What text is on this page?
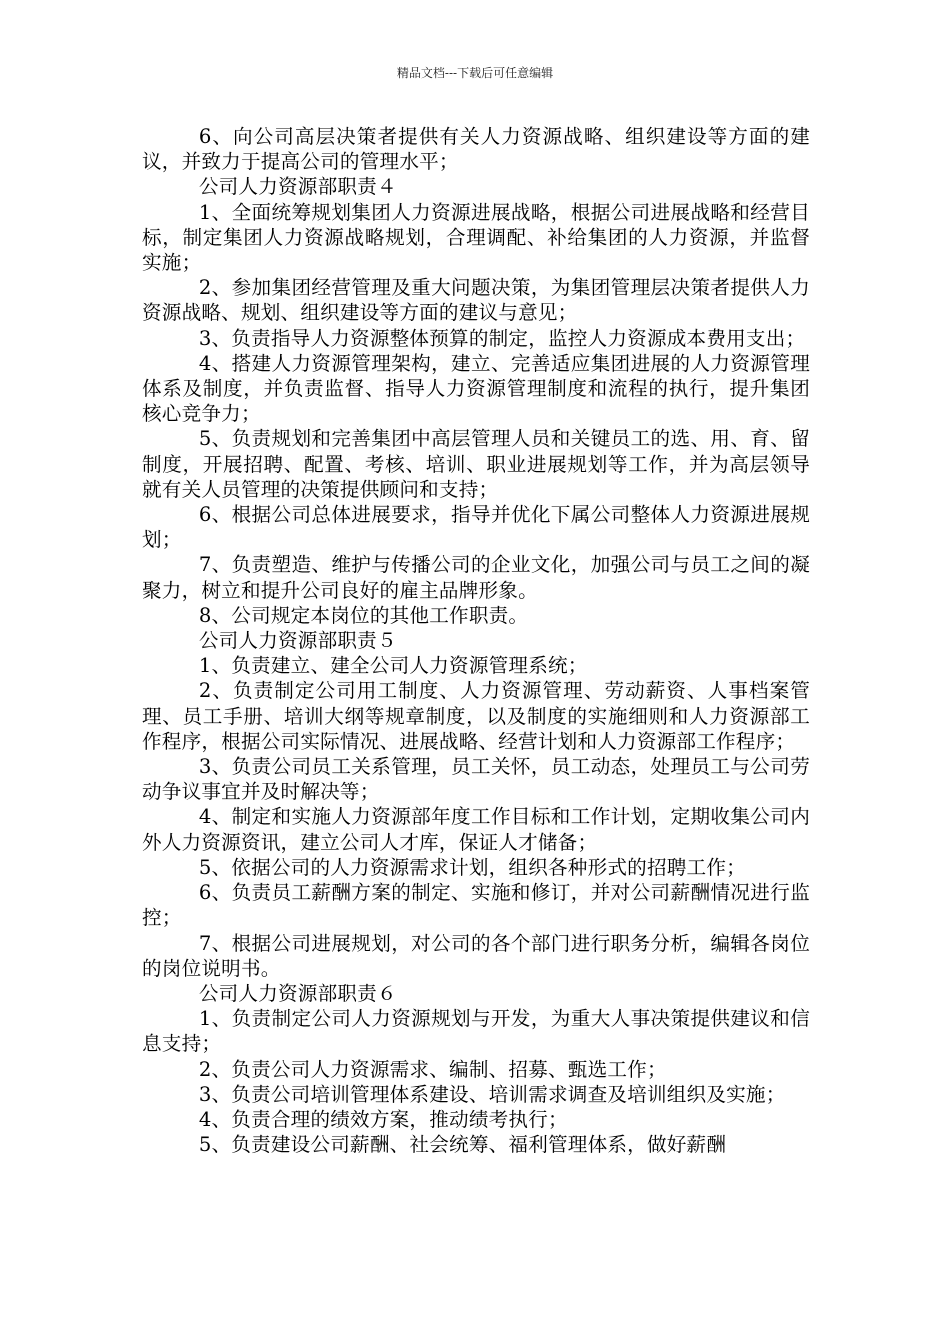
精品文档---下载后可任意编辑

6、向公司高层决策者提供有关人力资源战略、组织建设等方面的建议，并致力于提高公司的管理水平；

公司人力资源部职责４

1、全面统筹规划集团人力资源进展战略，根据公司进展战略和经营目标，制定集团人力资源战略规划，合理调配、补给集团的人力资源，并监督实施；

2、参加集团经营管理及重大问题决策，为集团管理层决策者提供人力资源战略、规划、组织建设等方面的建议与意见；

3、负责指导人力资源整体预算的制定，监控人力资源成本费用支出；

4、搭建人力资源管理架构，建立、完善适应集团进展的人力资源管理体系及制度，并负责监督、指导人力资源管理制度和流程的执行，提升集团核心竞争力；

5、负责规划和完善集团中高层管理人员和关键员工的选、用、育、留制度，开展招聘、配置、考核、培训、职业进展规划等工作，并为高层领导就有关人员管理的决策提供顾问和支持；

6、根据公司总体进展要求，指导并优化下属公司整体人力资源进展规划；

7、负责塑造、维护与传播公司的企业文化，加强公司与员工之间的凝聚力，树立和提升公司良好的雇主品牌形象。

8、公司规定本岗位的其他工作职责。

公司人力资源部职责５

1、负责建立、建全公司人力资源管理系统；

2、负责制定公司用工制度、人力资源管理、劳动薪资、人事档案管理、员工手册、培训大纲等规章制度，以及制度的实施细则和人力资源部工作程序，根据公司实际情况、进展战略、经营计划和人力资源部工作程序；

3、负责公司员工关系管理，员工关怀，员工动态，处理员工与公司劳动争议事宜并及时解决等；

4、制定和实施人力资源部年度工作目标和工作计划，定期收集公司内外人力资源资讯，建立公司人才库，保证人才储备；

5、依据公司的人力资源需求计划，组织各种形式的招聘工作；

6、负责员工薪酬方案的制定、实施和修订，并对公司薪酬情况进行监控；

7、根据公司进展规划，对公司的各个部门进行职务分析，编辑各岗位的岗位说明书。

公司人力资源部职责６

1、负责制定公司人力资源规划与开发，为重大人事决策提供建议和信息支持；

2、负责公司人力资源需求、编制、招募、甄选工作；

3、负责公司培训管理体系建设、培训需求调查及培训组织及实施；

4、负责合理的绩效方案，推动绩考执行；

5、负责建设公司薪酬、社会统筹、福利管理体系，做好薪酬
